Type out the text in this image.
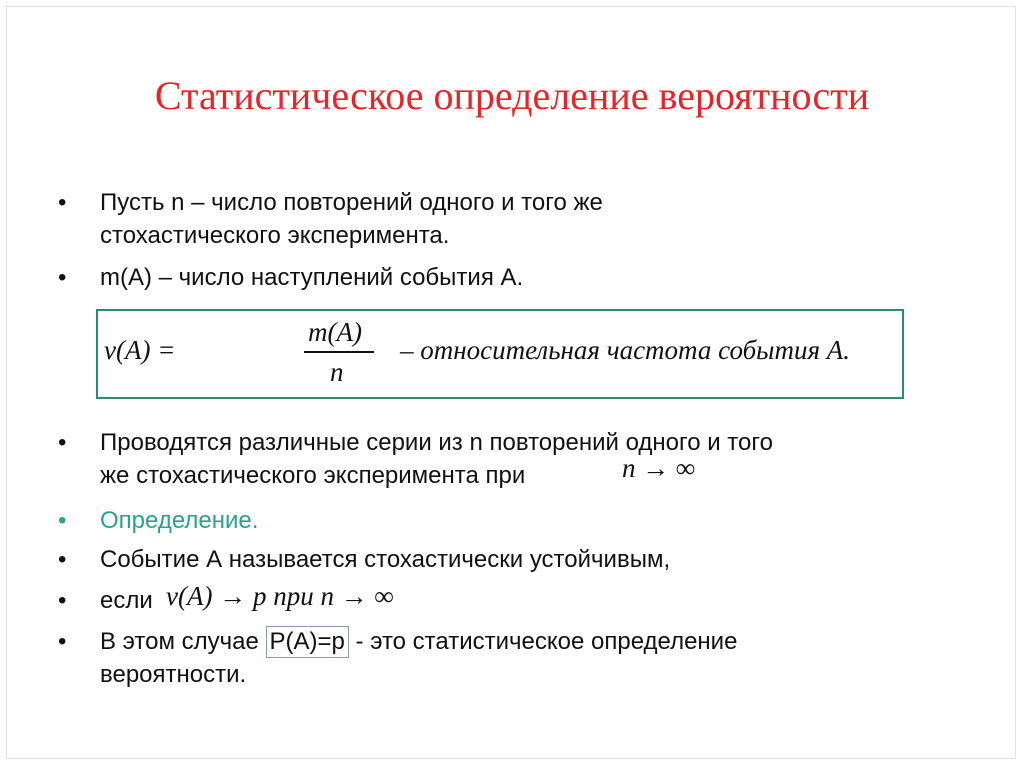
Статистическое определение вероятности
• Пусть n – число повторений одного и того же
стохастического эксперимента.
• m(A) – число наступлений события А.
ν(A) =
m(A)
n
– относительная частота события A.
• Проводятся различные серии из n повторений одного и того
же стохастического эксперимента при	n → ∞
• Определение.
• Событие А называется стохастически устойчивым,
• если ν(A) → p при n → ∞
• В этом случае P(A)=p - это статистическое определение
вероятности.
